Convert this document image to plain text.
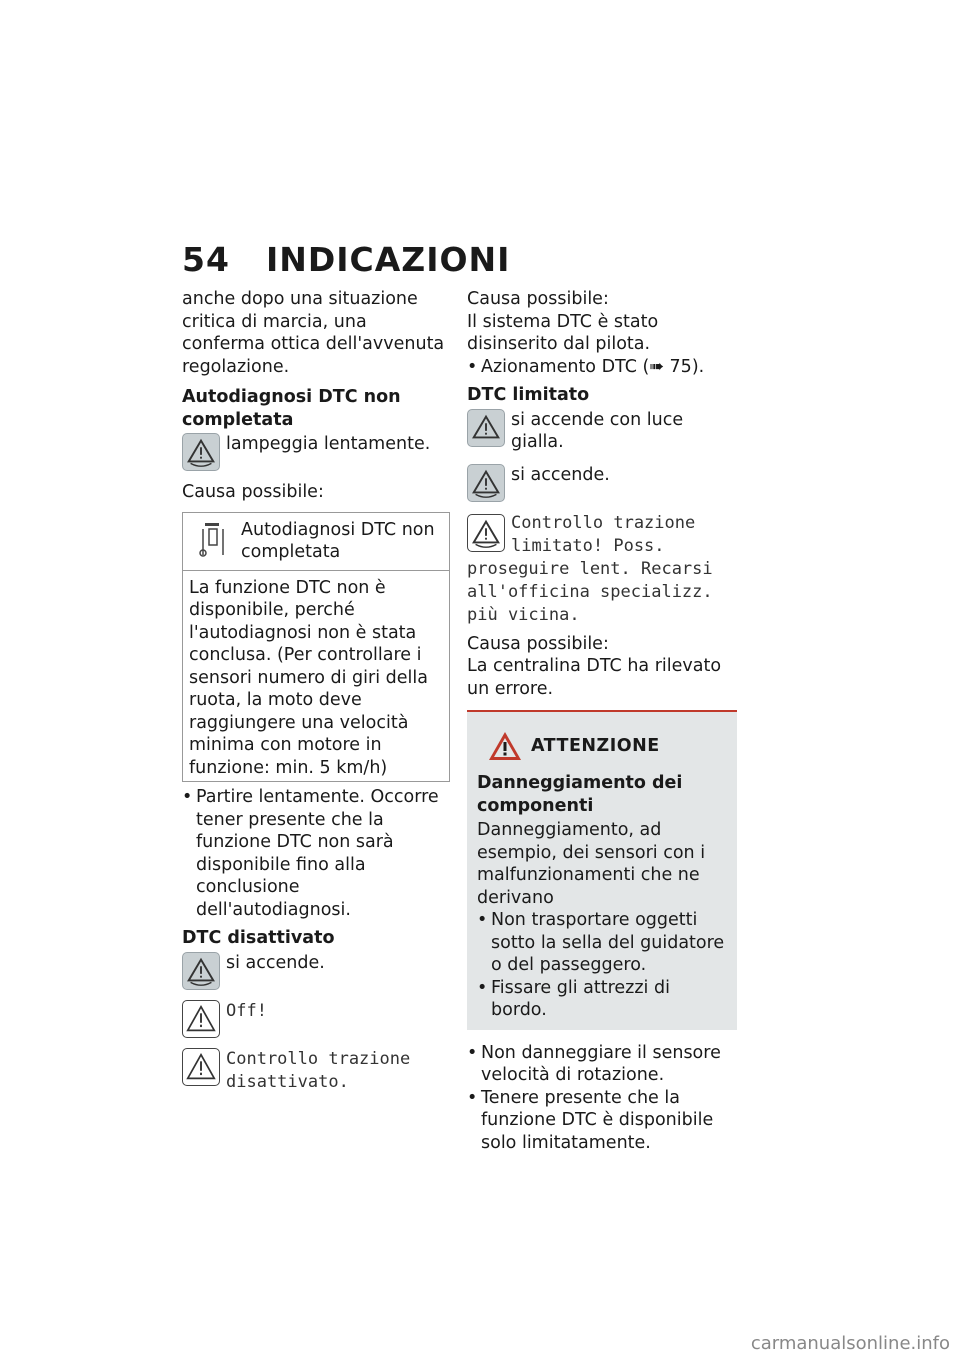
54 INDICAZIONI

anche dopo una situazione critica di marcia, una conferma ottica dell'avvenuta regolazione.

Autodiagnosi DTC non completata
lampeggia lentamente.

Causa possibile:

Autodiagnosi DTC non completata
La funzione DTC non è disponibile, perché l'autodiagnosi non è stata conclusa. (Per controllare i sensori numero di giri della ruota, la moto deve raggiungere una velocità minima con motore in funzione: min. 5 km/h)
• Partire lentamente. Occorre tener presente che la funzione DTC non sarà disponibile fino alla conclusione dell'autodiagnosi.
DTC disattivato
si accende.
Off!
Controllo trazione disattivato.
Causa possibile:
Il sistema DTC è stato disinserito dal pilota.
• Azionamento DTC (➠ 75).
DTC limitato
si accende con luce gialla.
si accende.
Controllo trazione limitato! Poss. proseguire lent. Recarsi all'officina specializz. più vicina.
Causa possibile:
La centralina DTC ha rilevato un errore.
ATTENZIONE
Danneggiamento dei componenti
Danneggiamento, ad esempio, dei sensori con i malfunzionamenti che ne derivano
• Non trasportare oggetti sotto la sella del guidatore o del passeggero.
• Fissare gli attrezzi di bordo.
• Non danneggiare il sensore velocità di rotazione.
• Tenere presente che la funzione DTC è disponibile solo limitatamente.
carmanualsonline.info
